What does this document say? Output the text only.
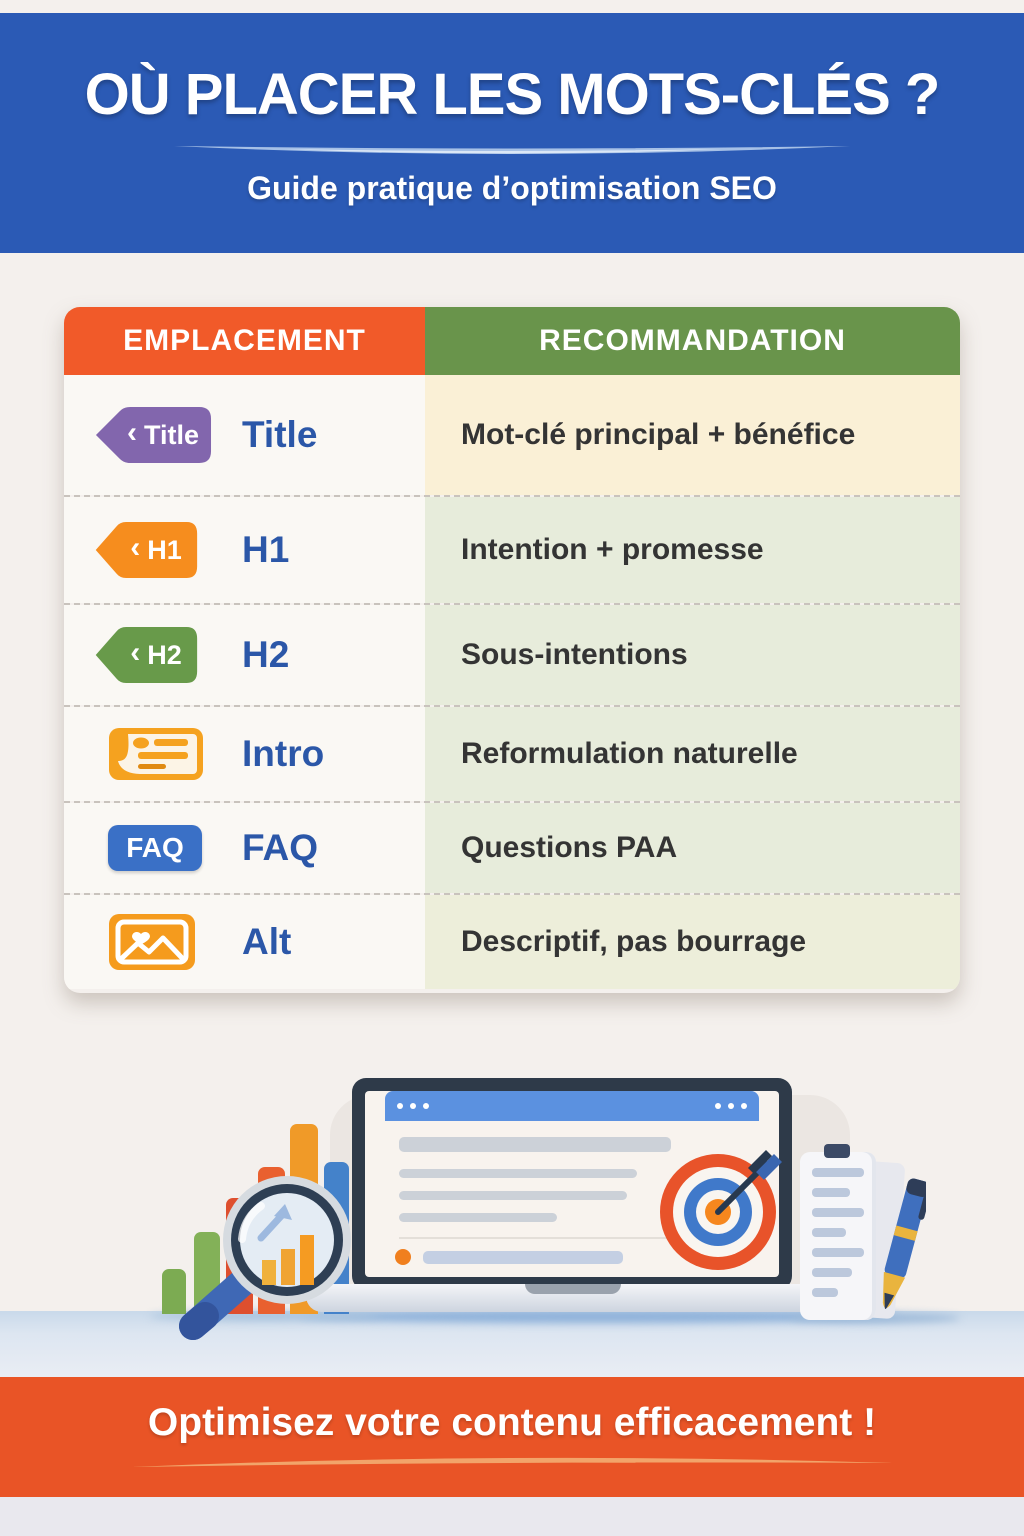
OÙ PLACER LES MOTS-CLÉS ?
Guide pratique d’optimisation SEO
EMPLACEMENT	RECOMMANDATION
‹ Title Title	Mot-clé principal + bénéfice
‹ H1 H1	Intention + promesse
‹ H2 H2	Sous-intentions
Intro	Reformulation naturelle
FAQ	FAQ	Questions PAA
Alt	Descriptif, pas bourrage
Optimisez votre contenu efficacement !
